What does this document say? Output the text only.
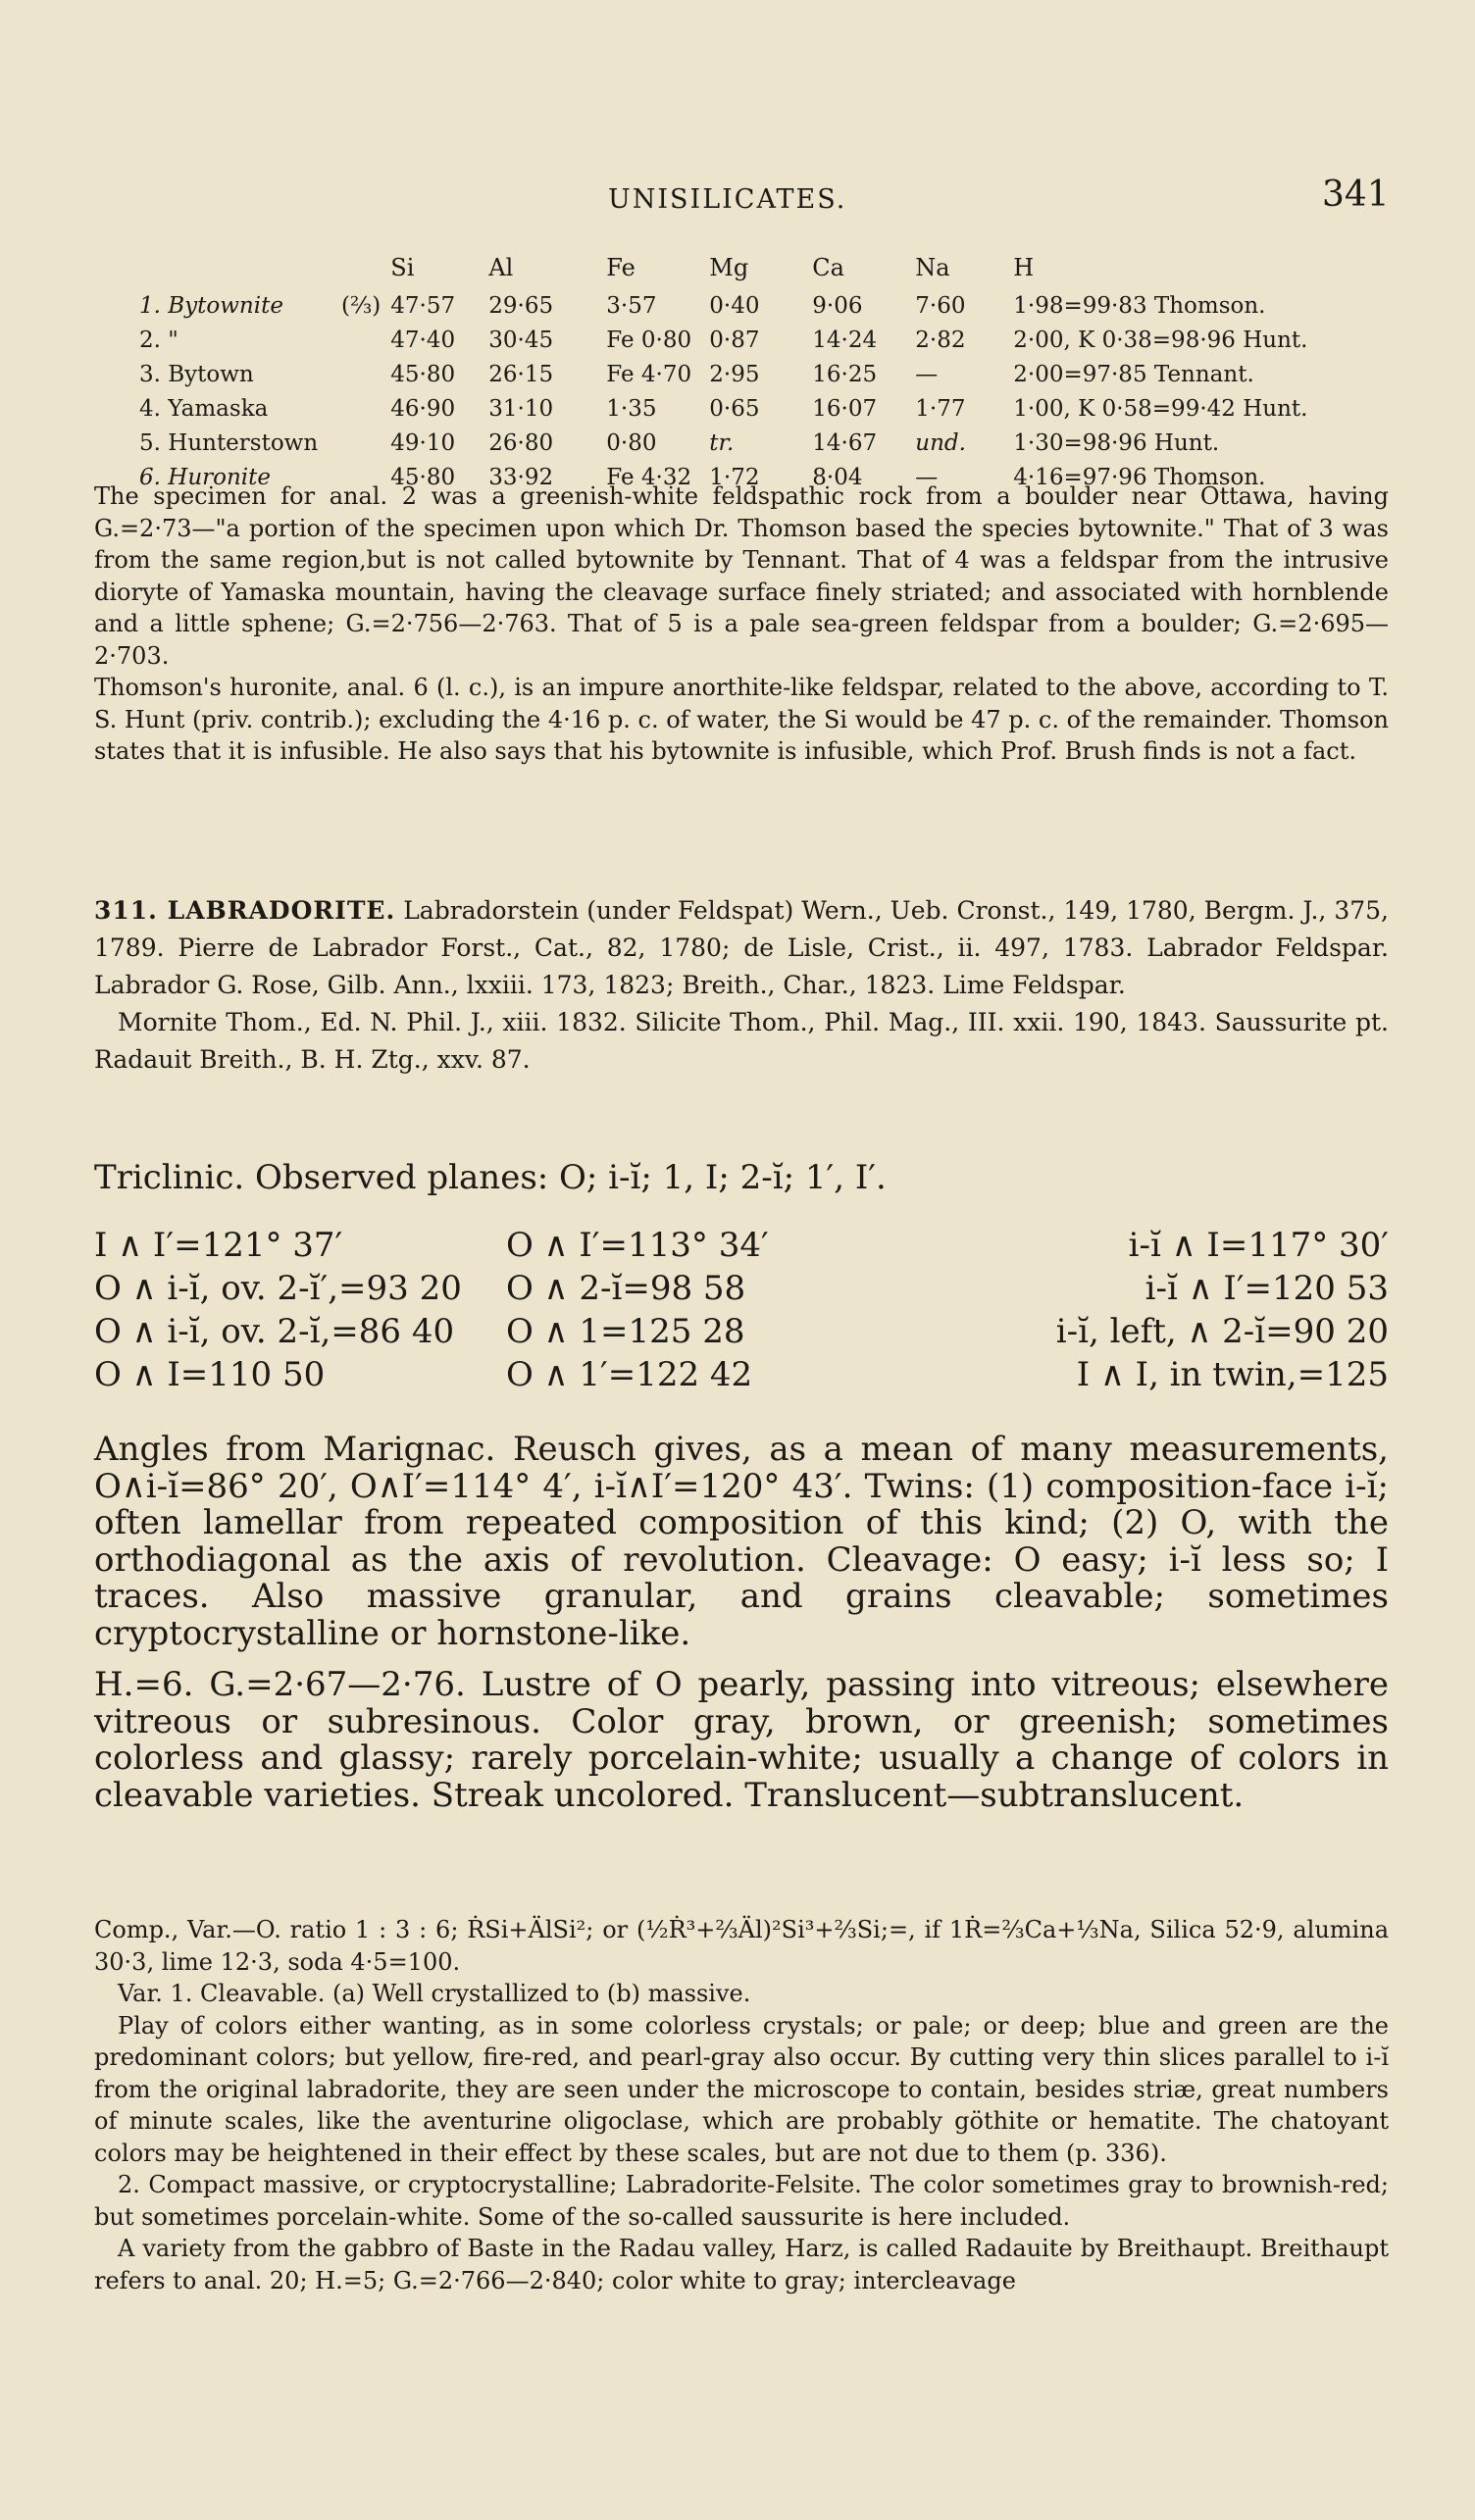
UNISILICATES.	341
		Si	Al	Fe	Mg	Ca	Na	H
1. Bytownite	(⅔)	47·57	29·65	3·57	0·40	9·06	7·60	1·98=99·83 Thomson.
2. "		47·40	30·45	Fe 0·80	0·87	14·24	2·82	2·00, K 0·38=98·96 Hunt.
3. Bytown		45·80	26·15	Fe 4·70	2·95	16·25	—	2·00=97·85 Tennant.
4. Yamaska		46·90	31·10	1·35	0·65	16·07	1·77	1·00, K 0·58=99·42 Hunt.
5. Hunterstown		49·10	26·80	0·80	tr.	14·67	und.	1·30=98·96 Hunt.
6. Huronite		45·80	33·92	Fe 4·32	1·72	8·04	—	4·16=97·96 Thomson.

The specimen for anal. 2 was a greenish-white feldspathic rock from a boulder near Ottawa, having G.=2·73—"a portion of the specimen upon which Dr. Thomson based the species bytownite." That of 3 was from the same region,but is not called bytownite by Tennant. That of 4 was a feldspar from the intrusive dioryte of Yamaska mountain, having the cleavage surface finely striated; and associated with hornblende and a little sphene; G.=2·756—2·763. That of 5 is a pale sea-green feldspar from a boulder; G.=2·695—2·703.

Thomson's huronite, anal. 6 (l. c.), is an impure anorthite-like feldspar, related to the above, according to T. S. Hunt (priv. contrib.); excluding the 4·16 p. c. of water, the Si would be 47 p. c. of the remainder. Thomson states that it is infusible. He also says that his bytownite is infusible, which Prof. Brush finds is not a fact.

311. LABRADORITE. Labradorstein (under Feldspat) Wern., Ueb. Cronst., 149, 1780, Bergm. J., 375, 1789. Pierre de Labrador Forst., Cat., 82, 1780; de Lisle, Crist., ii. 497, 1783. Labrador Feldspar. Labrador G. Rose, Gilb. Ann., lxxiii. 173, 1823; Breith., Char., 1823. Lime Feldspar.

Mornite Thom., Ed. N. Phil. J., xiii. 1832. Silicite Thom., Phil. Mag., III. xxii. 190, 1843. Saussurite pt. Radauit Breith., B. H. Ztg., xxv. 87.

Triclinic. Observed planes: O; i-ĭ; 1, I; 2-ĭ; 1′, I′.
I ∧ I′=121° 37′	O ∧ I′=113° 34′	i-ĭ ∧ I=117° 30′
O ∧ i-ĭ, ov. 2-ĭ′,=93 20	O ∧ 2-ĭ=98 58	i-ĭ ∧ I′=120 53
O ∧ i-ĭ, ov. 2-ĭ,=86 40	O ∧ 1=125 28	i-ĭ, left, ∧ 2-ĭ=90 20
O ∧ I=110 50	O ∧ 1′=122 42	I ∧ I, in twin,=125
Angles from Marignac. Reusch gives, as a mean of many measurements, O∧i-ĭ=86° 20′, O∧I′=114° 4′, i-ĭ∧I′=120° 43′. Twins: (1) composition-face i-ĭ; often lamellar from repeated composition of this kind; (2) O, with the orthodiagonal as the axis of revolution. Cleavage: O easy; i-ĭ less so; I traces. Also massive granular, and grains cleavable; sometimes cryptocrystalline or hornstone-like.
H.=6. G.=2·67—2·76. Lustre of O pearly, passing into vitreous; elsewhere vitreous or subresinous. Color gray, brown, or greenish; sometimes colorless and glassy; rarely porcelain-white; usually a change of colors in cleavable varieties. Streak uncolored. Translucent—subtranslucent.

Comp., Var.—O. ratio 1 : 3 : 6; ṘSi+ÄlSi²; or (½Ṙ³+⅔Äl)²Si³+⅔Si;=, if 1Ṙ=⅔Ca+⅓Na, Silica 52·9, alumina 30·3, lime 12·3, soda 4·5=100.

Var. 1. Cleavable. (a) Well crystallized to (b) massive.

Play of colors either wanting, as in some colorless crystals; or pale; or deep; blue and green are the predominant colors; but yellow, fire-red, and pearl-gray also occur. By cutting very thin slices parallel to i-ĭ from the original labradorite, they are seen under the microscope to contain, besides striæ, great numbers of minute scales, like the aventurine oligoclase, which are probably göthite or hematite. The chatoyant colors may be heightened in their effect by these scales, but are not due to them (p. 336).

2. Compact massive, or cryptocrystalline; Labradorite-Felsite. The color sometimes gray to brownish-red; but sometimes porcelain-white. Some of the so-called saussurite is here included.

A variety from the gabbro of Baste in the Radau valley, Harz, is called Radauite by Breithaupt. Breithaupt refers to anal. 20; H.=5; G.=2·766—2·840; color white to gray; intercleavage
